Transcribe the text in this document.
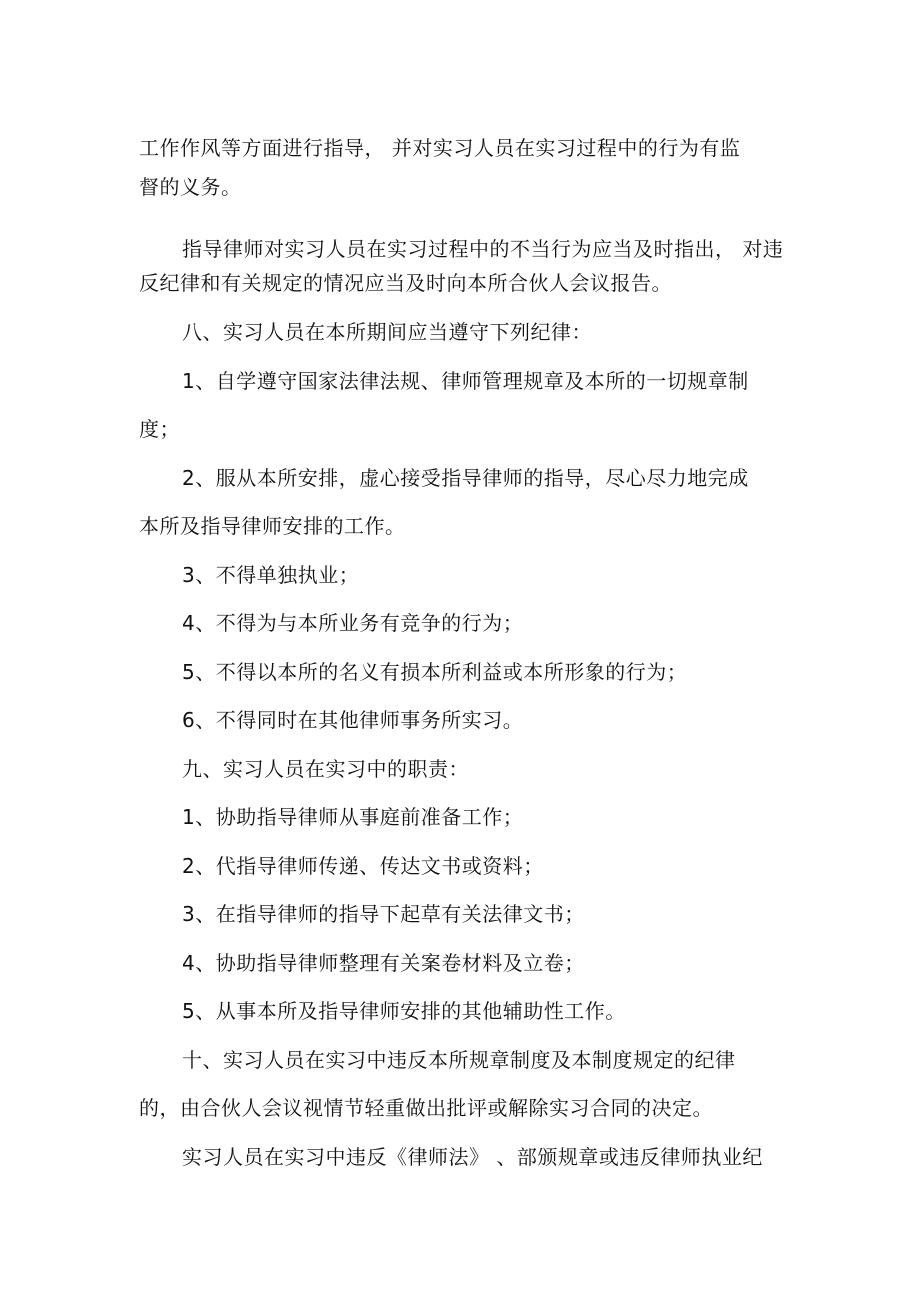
工作作风等方面进行指导， 并对实习人员在实习过程中的行为有监
督的义务。
指导律师对实习人员在实习过程中的不当行为应当及时指出， 对违
反纪律和有关规定的情况应当及时向本所合伙人会议报告。
八、实习人员在本所期间应当遵守下列纪律：
1、自学遵守国家法律法规、律师管理规章及本所的一切规章制
度；
2、服从本所安排，虚心接受指导律师的指导，尽心尽力地完成
本所及指导律师安排的工作。
3、不得单独执业；
4、不得为与本所业务有竞争的行为；
5、不得以本所的名义有损本所利益或本所形象的行为；
6、不得同时在其他律师事务所实习。
九、实习人员在实习中的职责：
1、协助指导律师从事庭前准备工作；
2、代指导律师传递、传达文书或资料；
3、在指导律师的指导下起草有关法律文书；
4、协助指导律师整理有关案卷材料及立卷；
5、从事本所及指导律师安排的其他辅助性工作。
十、实习人员在实习中违反本所规章制度及本制度规定的纪律
的，由合伙人会议视情节轻重做出批评或解除实习合同的决定。
实习人员在实习中违反《律师法》 、部颁规章或违反律师执业纪
